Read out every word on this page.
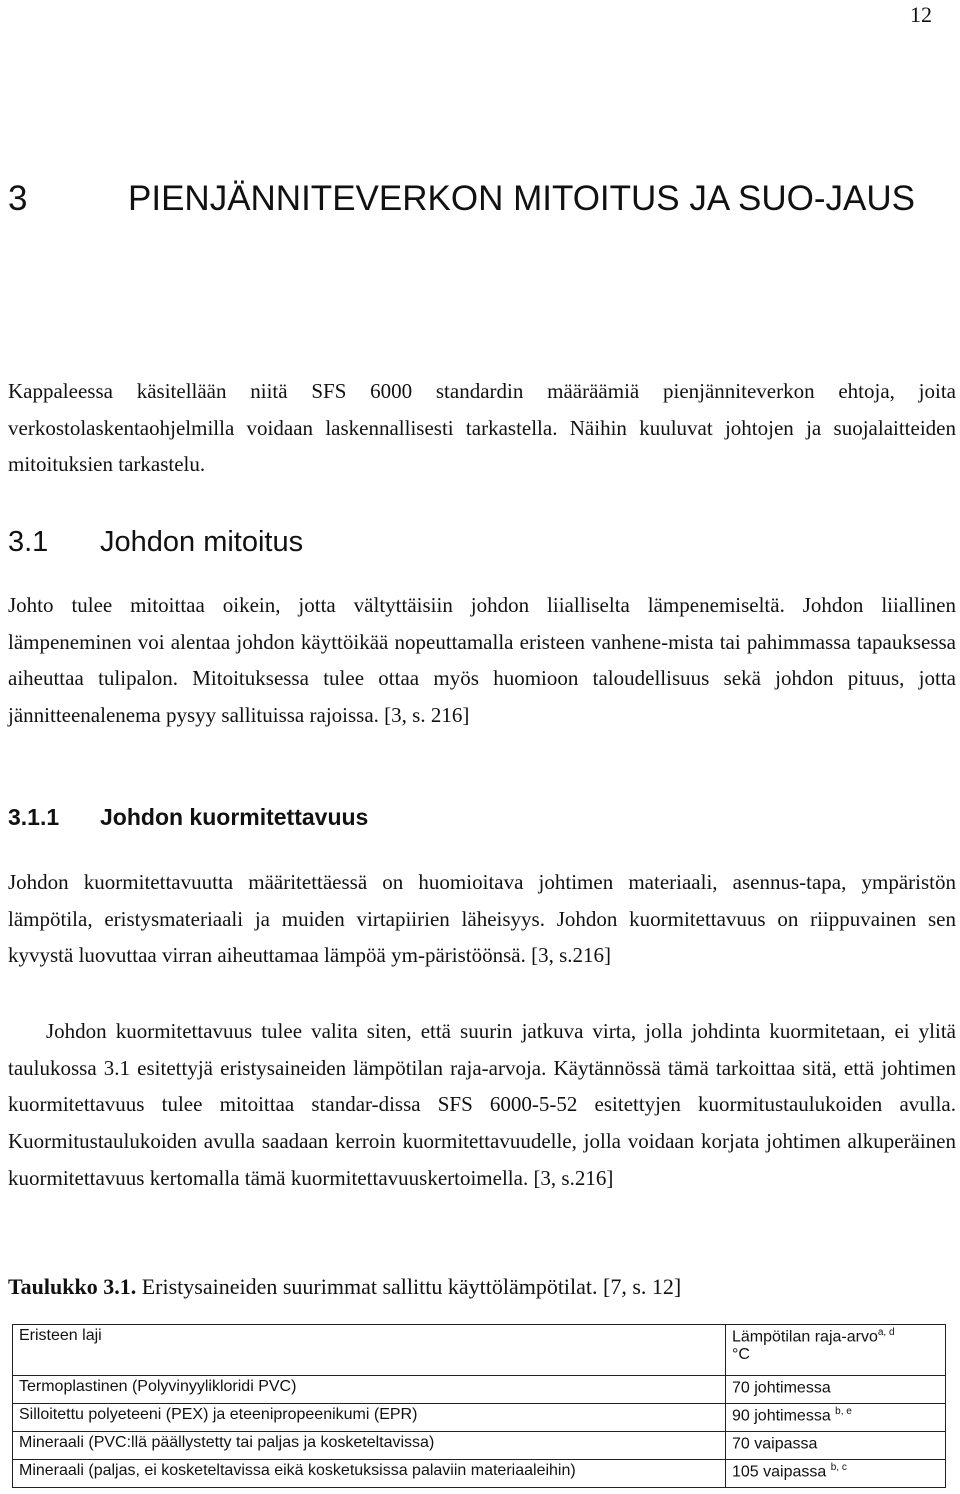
12
3	PIENJÄNNITEVERKON MITOITUS JA SUO-JAUS
Kappaleessa käsitellään niitä SFS 6000 standardin määräämiä pienjänniteverkon ehtoja, joita verkostolaskentaohjelmilla voidaan laskennallisesti tarkastella. Näihin kuuluvat johtojen ja suojalaitteiden mitoituksien tarkastelu.
3.1 Johdon mitoitus
Johto tulee mitoittaa oikein, jotta vältyttäisiin johdon liialliselta lämpenemiseltä. Johdon liiallinen lämpeneminen voi alentaa johdon käyttöikää nopeuttamalla eristeen vanhene-mista tai pahimmassa tapauksessa aiheuttaa tulipalon. Mitoituksessa tulee ottaa myös huomioon taloudellisuus sekä johdon pituus, jotta jännitteenalenema pysyy sallituissa rajoissa. [3, s. 216]
3.1.1 Johdon kuormitettavuus
Johdon kuormitettavuutta määritettäessä on huomioitava johtimen materiaali, asennus-tapa, ympäristön lämpötila, eristysmateriaali ja muiden virtapiirien läheisyys. Johdon kuormitettavuus on riippuvainen sen kyvystä luovuttaa virran aiheuttamaa lämpöä ym-päristöönsä. [3, s.216]
Johdon kuormitettavuus tulee valita siten, että suurin jatkuva virta, jolla johdinta kuormitetaan, ei ylitä taulukossa 3.1 esitettyjä eristysaineiden lämpötilan raja-arvoja. Käytännössä tämä tarkoittaa sitä, että johtimen kuormitettavuus tulee mitoittaa standar-dissa SFS 6000-5-52 esitettyjen kuormitustaulukoiden avulla. Kuormitustaulukoiden avulla saadaan kerroin kuormitettavuudelle, jolla voidaan korjata johtimen alkuperäinen kuormitettavuus kertomalla tämä kuormitettavuuskertoimella. [3, s.216]
Taulukko 3.1. Eristysaineiden suurimmat sallittu käyttölämpötilat. [7, s. 12]
Eristeen laji	Lämpötilan raja-arvo$^{a, d}$
°C
Termoplastinen (Polyvinyylikloridi PVC)	70 johtimessa
Silloitettu polyeteeni (PEX) ja eteenipropeenikumi (EPR)	90 johtimessa $^{b, e}$
Mineraali (PVC:llä päällystetty tai paljas ja kosketeltavissa)	70 vaipassa
Mineraali (paljas, ei kosketeltavissa eikä kosketuksissa palaviin materiaaleihin)	105 vaipassa $^{b, c}$
